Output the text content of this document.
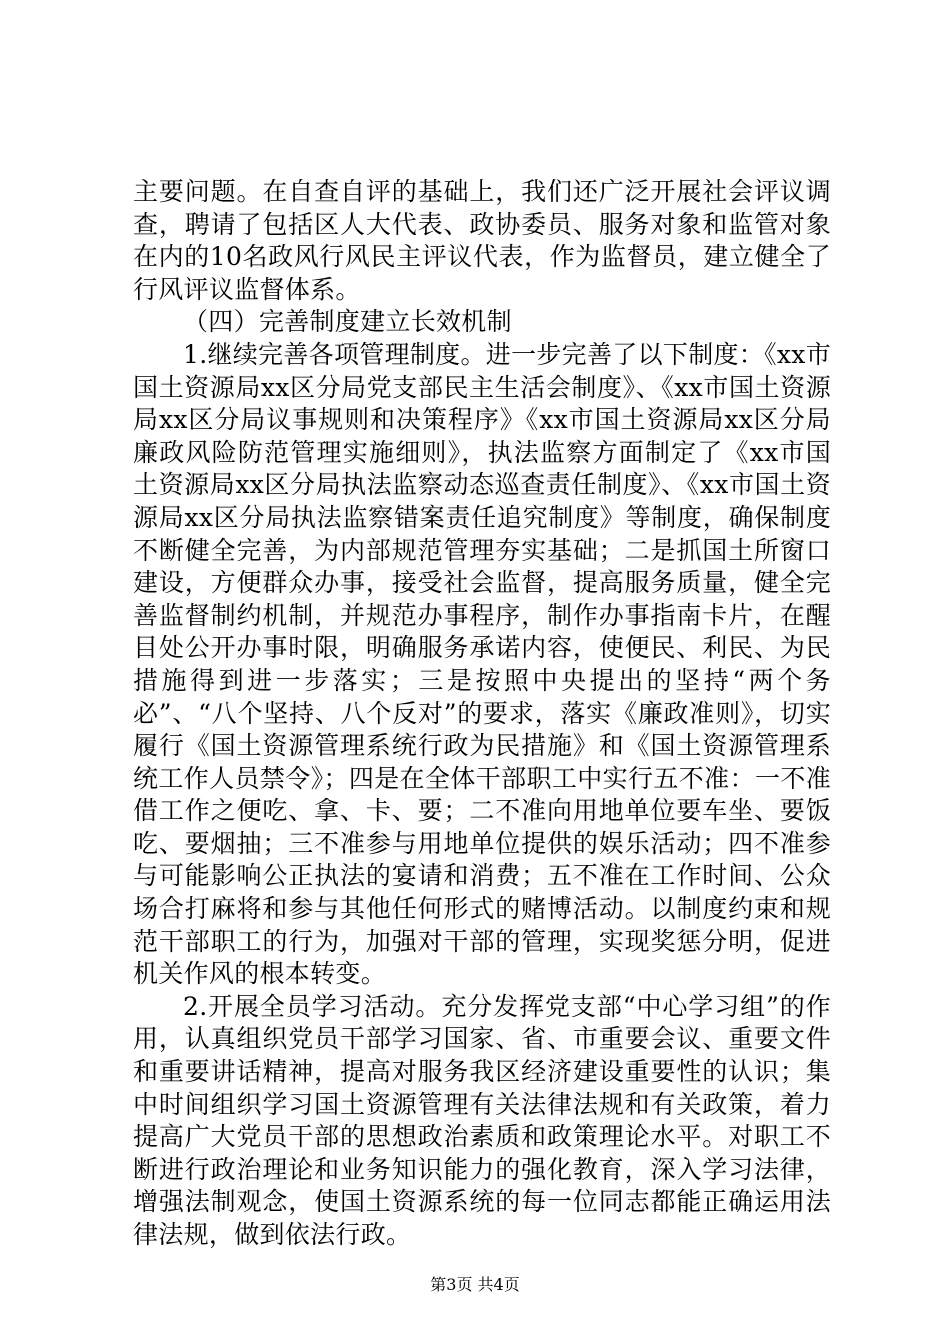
主要问题。在自查自评的基础上，我们还广泛开展社会评议调查，聘请了包括区人大代表、政协委员、服务对象和监管对象在内的10名政风行风民主评议代表，作为监督员，建立健全了行风评议监督体系。

（四）完善制度建立长效机制

1.继续完善各项管理制度。进一步完善了以下制度：《xx市国土资源局xx区分局党支部民主生活会制度》、《xx市国土资源局xx区分局议事规则和决策程序》《xx市国土资源局xx区分局廉政风险防范管理实施细则》，执法监察方面制定了《xx市国土资源局xx区分局执法监察动态巡查责任制度》、《xx市国土资源局xx区分局执法监察错案责任追究制度》等制度，确保制度不断健全完善，为内部规范管理夯实基础；二是抓国土所窗口建设，方便群众办事，接受社会监督，提高服务质量，健全完善监督制约机制，并规范办事程序，制作办事指南卡片，在醒目处公开办事时限，明确服务承诺内容，使便民、利民、为民措施得到进一步落实；三是按照中央提出的坚持“两个务必”、“八个坚持、八个反对”的要求，落实《廉政准则》，切实履行《国土资源管理系统行政为民措施》和《国土资源管理系统工作人员禁令》；四是在全体干部职工中实行五不准：一不准借工作之便吃、拿、卡、要；二不准向用地单位要车坐、要饭吃、要烟抽；三不准参与用地单位提供的娱乐活动；四不准参与可能影响公正执法的宴请和消费；五不准在工作时间、公众场合打麻将和参与其他任何形式的赌博活动。以制度约束和规范干部职工的行为，加强对干部的管理，实现奖惩分明，促进机关作风的根本转变。

2.开展全员学习活动。充分发挥党支部“中心学习组”的作用，认真组织党员干部学习国家、省、市重要会议、重要文件和重要讲话精神，提高对服务我区经济建设重要性的认识；集中时间组织学习国土资源管理有关法律法规和有关政策，着力提高广大党员干部的思想政治素质和政策理论水平。对职工不断进行政治理论和业务知识能力的强化教育，深入学习法律，增强法制观念，使国土资源系统的每一位同志都能正确运用法律法规，做到依法行政。

第3页 共4页
